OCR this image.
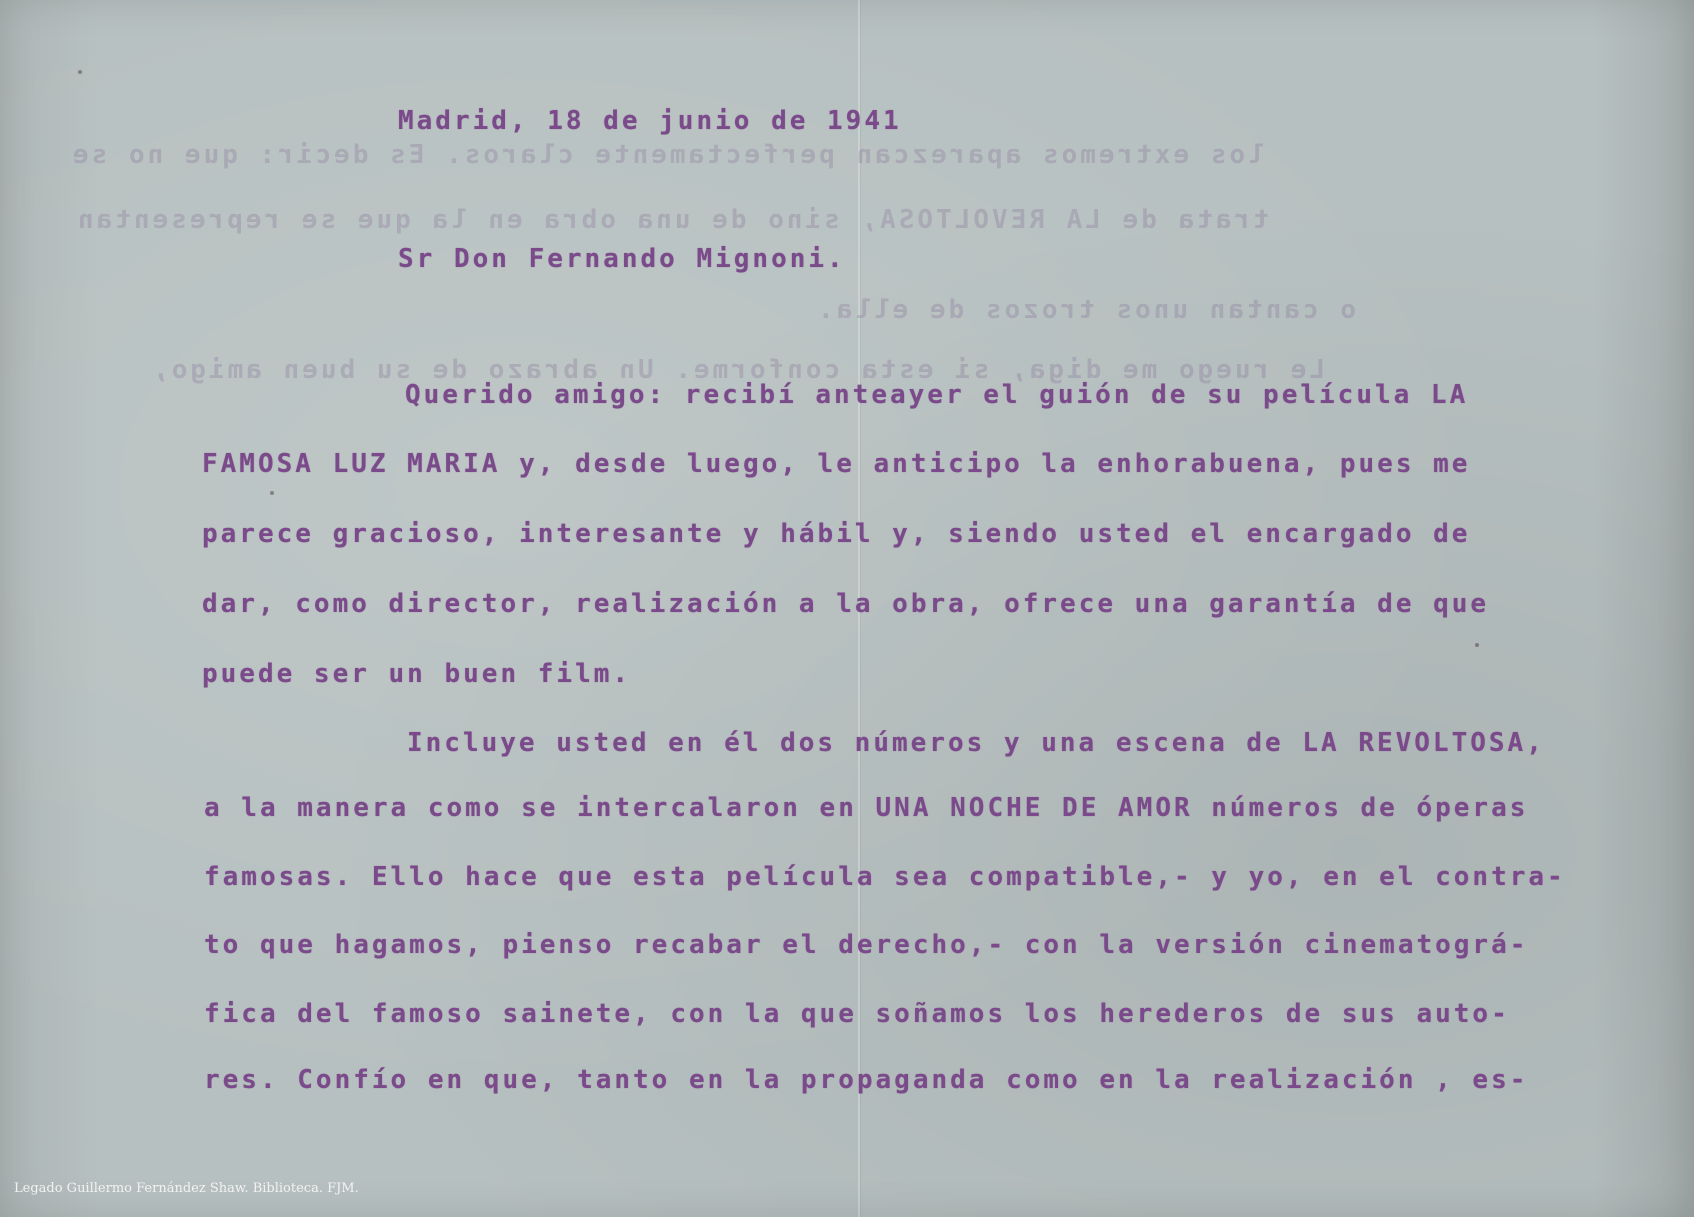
los extremos aparezcan perfectamente claros. Es decir: que no se

trata de LA REVOLTOSA, sino de una obra en la que se representan

o cantan unos trozos de ella.

Le ruego me diga, si esta conforme. Un abrazo de su buen amigo,

Madrid, 18 de junio de 1941

Sr Don Fernando Mignoni.

Querido amigo: recibí anteayer el guión de su película LA

FAMOSA LUZ MARIA y, desde luego, le anticipo la enhorabuena, pues me

parece gracioso, interesante y hábil y, siendo usted el encargado de

dar, como director, realización a la obra, ofrece una garantía de que

puede ser un buen film.

Incluye usted en él dos números y una escena de LA REVOLTOSA,

a la manera como se intercalaron en UNA NOCHE DE AMOR números de óperas

famosas. Ello hace que esta película sea compatible,- y yo, en el contra-

to que hagamos, pienso recabar el derecho,- con la versión cinematográ-

fica del famoso sainete, con la que soñamos los herederos de sus auto-

res. Confío en que, tanto en la propaganda como en la realización , es-

Legado Guillermo Fernández Shaw. Biblioteca. FJM.
